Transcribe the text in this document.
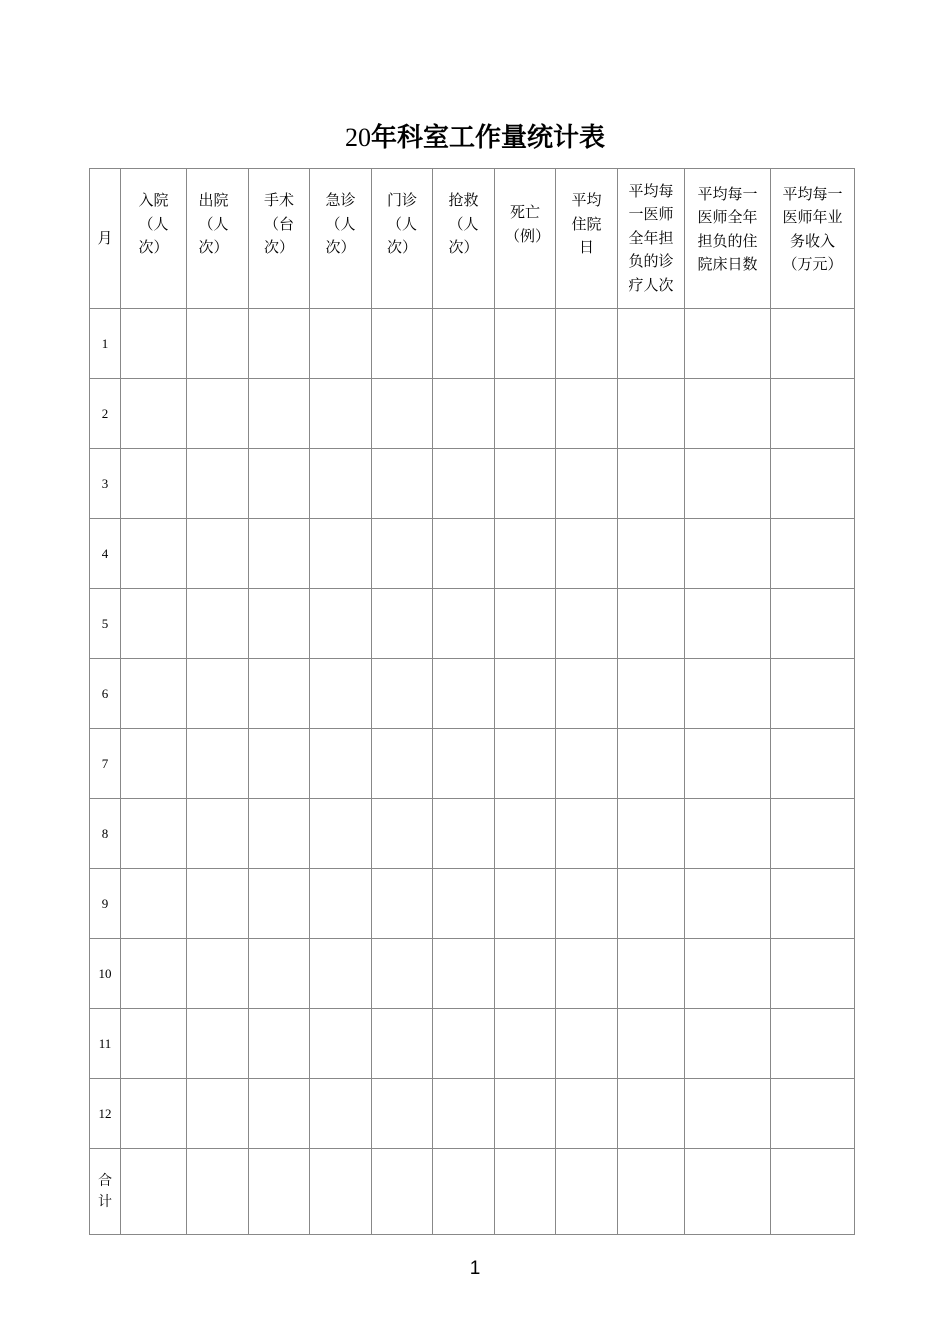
20年科室工作量统计表
月	入院（人次）	出院（人次）	手术（台次）	急诊（人次）	门诊（人次）	抢救（人次）	死亡（例）	平均住院日	平均每一医师全年担负的诊疗人次	平均每一医师全年担负的住院床日数	平均每一医师年业务收入（万元）

1											
2											
3											
4											
5											
6											
7											
8											
9											
10											
11											
12											
合计											
1
